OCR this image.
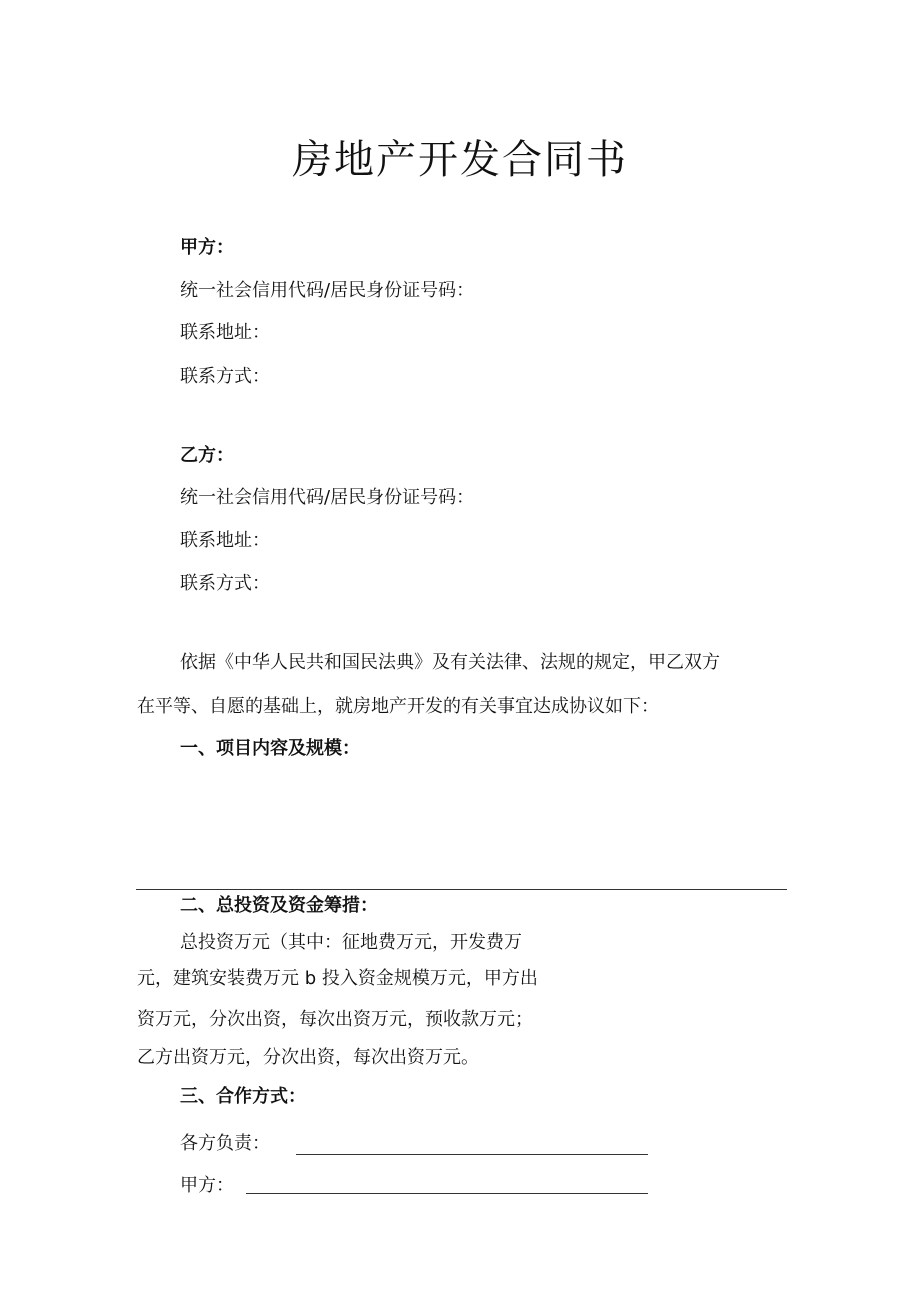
房地产开发合同书
甲方：
统一社会信用代码/居民身份证号码：
联系地址：
联系方式：
乙方：
统一社会信用代码/居民身份证号码：
联系地址：
联系方式：
依据《中华人民共和国民法典》及有关法律、法规的规定，甲乙双方
在平等、自愿的基础上，就房地产开发的有关事宜达成协议如下：
一、项目内容及规模：
二、总投资及资金筹措：
总投资万元（其中：征地费万元，开发费万
元，建筑安装费万元 b 投入资金规模万元，甲方出
资万元，分次出资，每次出资万元，预收款万元；
乙方出资万元，分次出资，每次出资万元。
三、合作方式：
各方负责：
甲方：
